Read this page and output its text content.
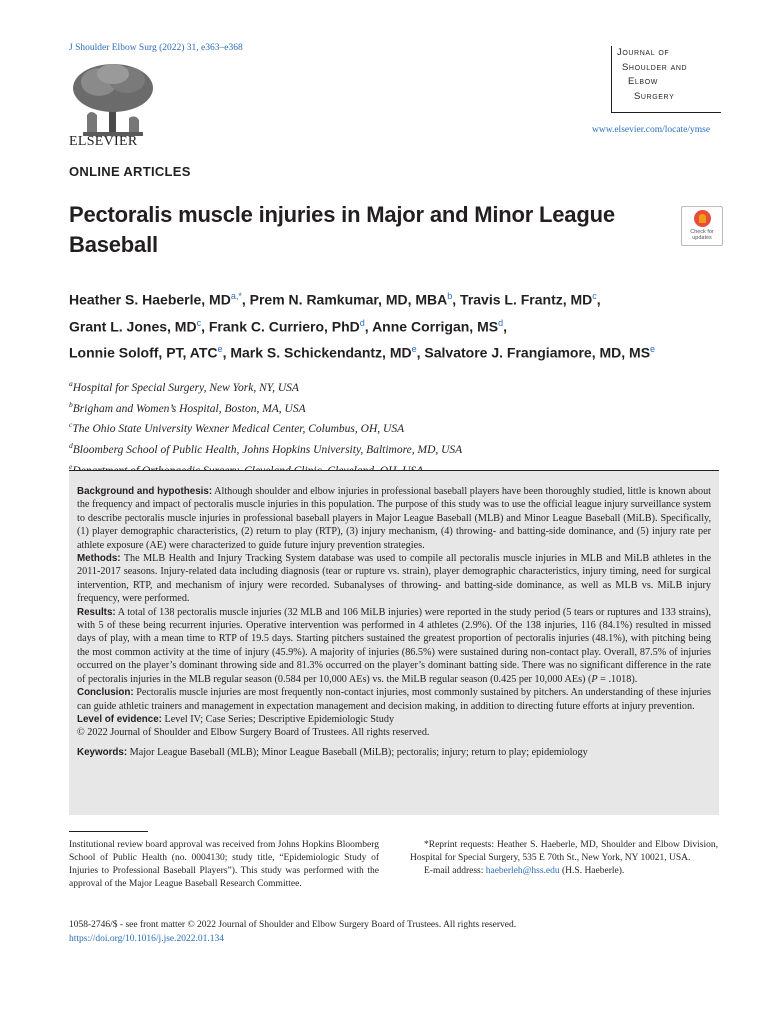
J Shoulder Elbow Surg (2022) 31, e363–e368
ELSEVIER
Journal of
Shoulder and
Elbow
Surgery
www.elsevier.com/locate/ymse
ONLINE ARTICLES
Pectoralis muscle injuries in Major and Minor League Baseball	Check for updates
Heather S. Haeberle, $MD^{a,*}$, Prem N. Ramkumar, MD, MBA$^b$, Travis L. Frantz, $MD^c$,
Grant L. Jones, $MD^c$, Frank C. Curriero, PhD$^d$, Anne Corrigan, $MS^d$,
Lonnie Soloff, PT, ATC$^e$, Mark S. Schickendantz, MDe, Salvatore J. Frangiamore, MD, $MS^e$
$^a$Hospital for Special Surgery, New York, NY, USA
$^b$Brigham and Women’s Hospital, Boston, MA, USA
$^c$The Ohio State University Wexner Medical Center, Columbus, OH, USA
$^d$Bloomberg School of Public Health, Johns Hopkins University, Baltimore, MD, USA
$^e$

Background and hypothesis: Although shoulder and elbow injuries in professional baseball players have been thoroughly studied, little is known about the frequency and impact of pectoralis muscle injuries in this population. The purpose of this study was to use the official league injury surveillance system to describe pectoralis muscle injuries in professional baseball players in Major League Baseball (MLB) and Minor League Baseball (MiLB). Specifically, (1) player demographic characteristics, (2) return to play (RTP), (3) injury mechanism, (4) throwing- and batting-side dominance, and (5) injury rate per athlete exposure (AE) were characterized to guide future injury prevention strategies.

Methods: The MLB Health and Injury Tracking System database was used to compile all pectoralis muscle injuries in MLB and MiLB athletes in the 2011-2017 seasons. Injury-related data including diagnosis (tear or rupture vs. strain), player demographic characteristics, injury timing, need for surgical intervention, RTP, and mechanism of injury were recorded. Subanalyses of throwing- and batting-side dominance, as well as MLB vs. MiLB injury frequency, were performed.

Results: A total of 138 pectoralis muscle injuries (32 MLB and 106 MiLB injuries) were reported in the study period (5 tears or ruptures and 133 strains), with 5 of these being recurrent injuries. Operative intervention was performed in 4 athletes (2.9%). Of the 138 injuries, 116 (84.1%) resulted in missed days of play, with a mean time to RTP of 19.5 days. Starting pitchers sustained the greatest proportion of pectoralis injuries (48.1%), with pitching being the most common activity at the time of injury (45.9%). A majority of injuries (86.5%) were sustained during non-contact play. Overall, 87.5% of injuries occurred on the player’s dominant throwing side and 81.3% occurred on the player’s dominant batting side. There was no significant difference in the rate of pectoralis injuries in the MLB regular season (0.584 per 10,000 AEs) vs. the MiLB regular season (0.425 per 10,000 AEs) (P = .1018).

Conclusion: Pectoralis muscle injuries are most frequently non-contact injuries, most commonly sustained by pitchers. An understanding of these injuries can guide athletic trainers and management in expectation management and decision making, in addition to directing future efforts at injury prevention.

Level of evidence: Level IV; Case Series; Descriptive Epidemiologic Study

© 2022 Journal of Shoulder and Elbow Surgery Board of Trustees. All rights reserved.

Keywords: Major League Baseball (MLB); Minor League Baseball (MiLB); pectoralis; injury; return to play; epidemiology

Institutional review board approval was received from Johns Hopkins Bloomberg School of Public Health (no. 0004130; study title, “Epidemiologic Study of Injuries to Professional Baseball Players”). This study was performed with the approval of the Major League Baseball Research Committee.

*Reprint requests: Heather S. Haeberle, MD, Shoulder and Elbow Division, Hospital for Special Surgery, 535 E 70th St., New York, NY 10021, USA.

E-mail address: haeberleh@hss.edu (H.S. Haeberle).

1058-2746/$ - see front matter © 2022 Journal of Shoulder and Elbow Surgery Board of Trustees. All rights reserved.
https://doi.org/10.1016/j.jse.2022.01.134
